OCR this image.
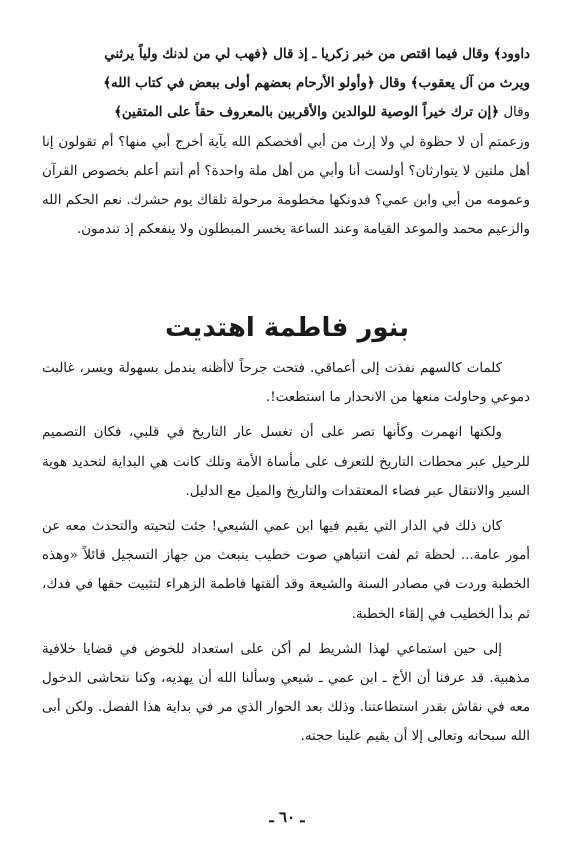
داوود﴾ وقال فيما اقتص من خبر زكريا ـ إذ قال ﴿فهب لي من لدنك ولياً يرثني

ويرث من آل يعقوب﴾ وقال ﴿وأولو الأرحام بعضهم أولى ببعض في كتاب الله﴾

وقال ﴿إن ترك خيراً الوصية للوالدين والأقربين بالمعروف حقاً على المتقين﴾

وزعمتم أن لا حظوة لي ولا إرث من أبي أفخصكم الله بآية أخرج أبي منها؟ أم تقولون إنا أهل ملتين لا يتوارثان؟ أولست أنا وأبي من أهل ملة واحدة؟ أم أنتم أعلم بخصوص القرآن وعمومه من أبي وابن عمي؟ فدونكها مخطومة مرحولة تلقاك يوم حشرك. نعم الحكم الله والزعيم محمد والموعد القيامة وعند الساعة يخسر المبطلون ولا ينفعكم إذ تندمون.

بنور فاطمة اهتديت

كلمات كالسهم نفذت إلى أعماقي. فتحت جرحاً لاأظنه يندمل بسهولة ويسر، غالبت دموعي وحاولت منعها من الانحدار ما استطعت!.

ولكنها انهمرت وكأنها تصر على أن تغسل عار التاريخ في قلبي، فكان التصميم للرحيل عبر محطات التاريخ للتعرف على مأساة الأمة وتلك كانت هي البداية لتحديد هوية السير والانتقال عبر فضاء المعتقدات والتاريخ والميل مع الدليل.

كان ذلك في الدار التي يقيم فيها ابن عمي الشيعي! جئت لتحيته والتحدث معه عن أمور عامة... لحظة ثم لفت انتباهي صوت خطيب ينبعث من جهاز التسجيل قائلاً «وهذه الخطبة وردت في مصادر السنة والشيعة وقد ألقتها فاطمة الزهراء لتثبيت حقها في فدك، ثم بدأ الخطيب في إلقاء الخطبة.

إلى حين استماعي لهذا الشريط لم أكن على استعداد للخوض في قضايا خلافية مذهبية. قد عرفنا أن الأخ ـ ابن عمي ـ شيعي وسألنا الله أن يهديه، وكنا نتحاشى الدخول معه في نقاش بقدر استطاعتنا. وذلك بعد الحوار الذي مر في بداية هذا الفصل. ولكن أبى الله سبحانه وتعالى إلا أن يقيم علينا حجته.

ـ ٦٠ ـ
